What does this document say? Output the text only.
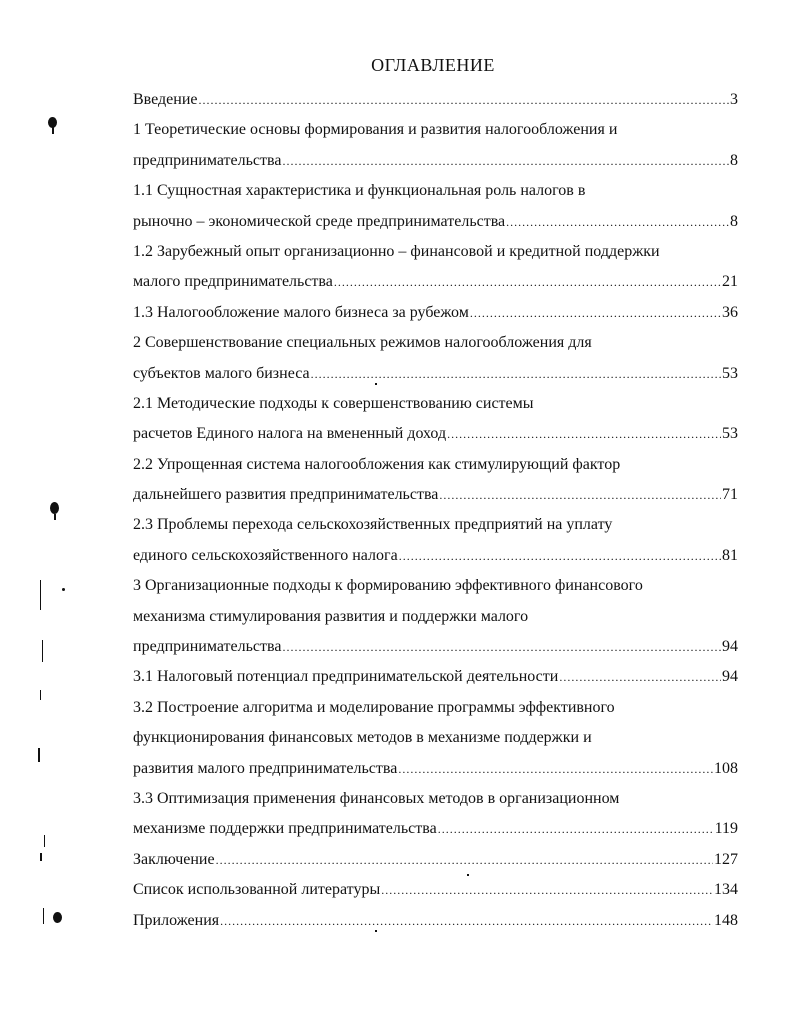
ОГЛАВЛЕНИЕ
Введение .....	3
1 Теоретические основы формирования и развития налогообложения и
предпринимательства .....	8
1.1 Сущностная характеристика и функциональная роль налогов в
рыночно – экономической среде предпринимательства .....	8
1.2 Зарубежный опыт организационно – финансовой и кредитной поддержки
малого предпринимательства .....	21
1.3 Налогообложение малого бизнеса за рубежом .....	36
2 Совершенствование специальных режимов налогообложения для
субъектов малого бизнеса .....	53
2.1 Методические подходы к совершенствованию системы
расчетов Единого налога на вмененный доход .....	53
2.2 Упрощенная система налогообложения как стимулирующий фактор
дальнейшего развития предпринимательства .....	71
2.3 Проблемы перехода сельскохозяйственных предприятий на уплату
единого сельскохозяйственного налога .....	81
3 Организационные подходы к формированию эффективного финансового
механизма стимулирования развития и поддержки малого
предпринимательства .....	94
3.1 Налоговый потенциал предпринимательской деятельности .....	94
3.2 Построение алгоритма и моделирование программы эффективного
функционирования финансовых методов в механизме поддержки и
развития малого предпринимательства .....	108
3.3 Оптимизация применения финансовых методов в организационном
механизме поддержки предпринимательства .....	119
Заключение .....	127
Список использованной литературы .....	134
Приложения .....	148
